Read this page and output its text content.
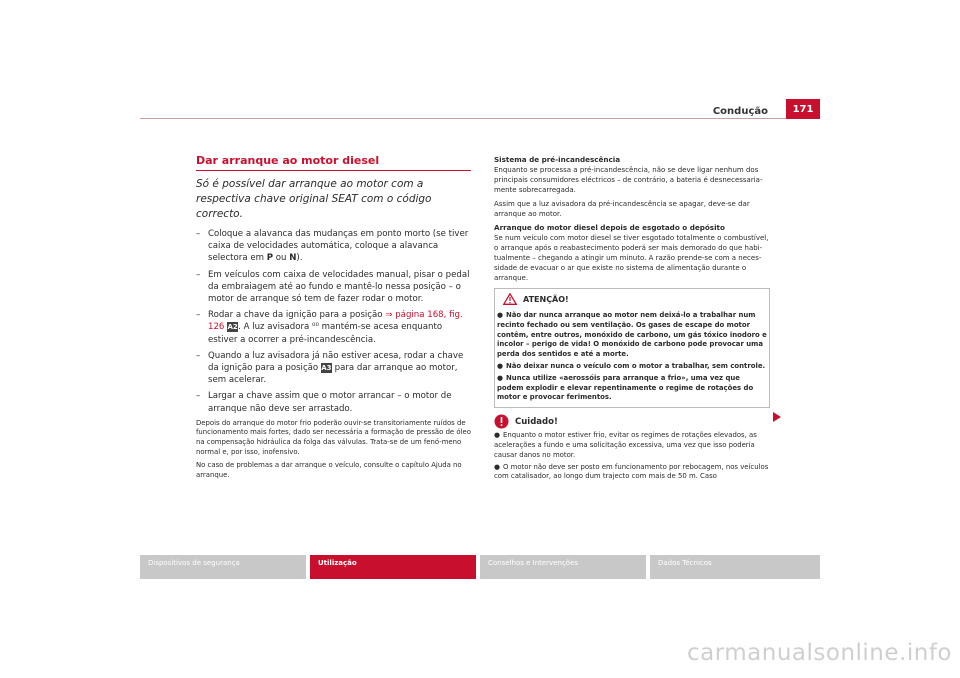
Condução	171
Dar arranque ao motor diesel
Só é possível dar arranque ao motor com a respectiva chave original SEAT com o código correcto.
– Coloque a alavanca das mudanças em ponto morto (se tiver caixa de velocidades automática, coloque a alavanca selectora em P ou N).
– Em veículos com caixa de velocidades manual, pisar o pedal da embraiagem até ao fundo e mantê-lo nessa posição – o motor de arranque só tem de fazer rodar o motor.
– Rodar a chave da ignição para a posição ⇒ página 168, fig. 126 A2. A luz avisadora ⁰⁰ mantém-se acesa enquanto estiver a ocorrer a pré-incandescência.
– Quando a luz avisadora já não estiver acesa, rodar a chave da ignição para a posição A3 para dar arranque ao motor, sem acelerar.
– Largar a chave assim que o motor arrancar – o motor de arranque não deve ser arrastado.
Depois do arranque do motor frio poderão ouvir-se transitoriamente ruídos de funcionamento mais fortes, dado ser necessária a formação de pressão de óleo na compensação hidráulica da folga das válvulas. Trata-se de um fenó-meno normal e, por isso, inofensivo.
No caso de problemas a dar arranque o veículo, consulte o capítulo Ajuda no arranque.
Sistema de pré-incandescência
Enquanto se processa a pré-incandescência, não se deve ligar nenhum dos principais consumidores eléctricos – de contrário, a bateria é desnecessaria-mente sobrecarregada.
Assim que a luz avisadora da pré-incandescência se apagar, deve-se dar arranque ao motor.
Arranque do motor diesel depois de esgotado o depósito
Se num veículo com motor diesel se tiver esgotado totalmente o combustível, o arranque após o reabastecimento poderá ser mais demorado do que habi-tualmente – chegando a atingir um minuto. A razão prende-se com a neces-sidade de evacuar o ar que existe no sistema de alimentação durante o arranque.
ATENÇÃO!
● Não dar nunca arranque ao motor nem deixá-lo a trabalhar num recinto fechado ou sem ventilação. Os gases de escape do motor contêm, entre outros, monóxido de carbono, um gás tóxico inodoro e incolor – perigo de vida! O monóxido de carbono pode provocar uma perda dos sentidos e até a morte.
● Não deixar nunca o veículo com o motor a trabalhar, sem controle.
● Nunca utilize «aerossóis para arranque a frio», uma vez que podem explodir e elevar repentinamente o regime de rotações do motor e provocar ferimentos.
Cuidado!
● Enquanto o motor estiver frio, evitar os regimes de rotações elevados, as acelerações a fundo e uma solicitação excessiva, uma vez que isso poderia causar danos no motor.
● O motor não deve ser posto em funcionamento por rebocagem, nos veículos com catalisador, ao longo dum trajecto com mais de 50 m. Caso
Dispositivos de segurança	Utilização	Conselhos e Intervenções	Dados Técnicos
carmanualsonline.info
